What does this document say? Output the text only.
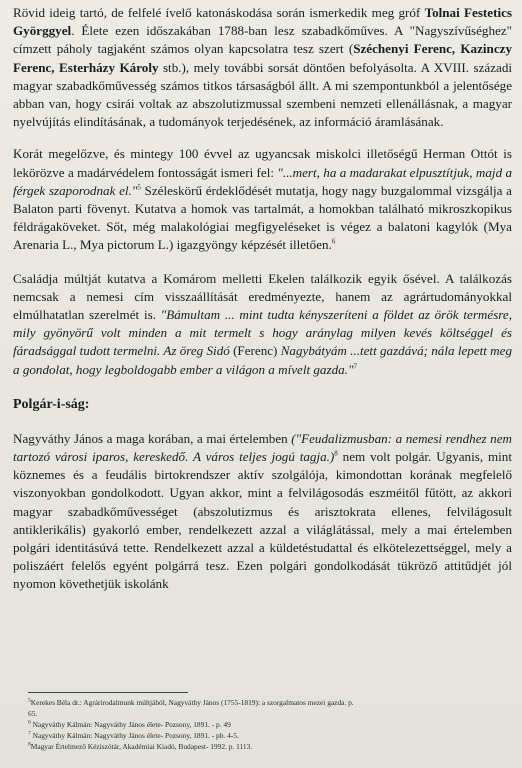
Rövid ideig tartó, de felfelé ívelő katonáskodása során ismerkedik meg gróf Tolnai Festetics Györggyel. Élete ezen időszakában 1788-ban lesz szabadkőműves. A "Nagyszívűséghez" címzett páholy tagjaként számos olyan kapcsolatra tesz szert (Széchenyi Ferenc, Kazinczy Ferenc, Esterházy Károly stb.), mely további sorsát döntően befolyásolta. A XVIII. századi magyar szabadkőművesség számos titkos társaságból állt. A mi szempontunkból a jelentősége abban van, hogy csirái voltak az abszolutizmussal szembeni nemzeti ellenállásnak, a magyar nyelvújítás elindításának, a tudományok terjedésének, az információ áramlásának.

Korát megelőzve, és mintegy 100 évvel az ugyancsak miskolci illetőségű Herman Ottót is lekörözve a madárvédelem fontosságát ismeri fel: "...mert, ha a madarakat elpusztítjuk, majd a férgek szaporodnak el."$^5$ Széleskörű érdeklődését mutatja, hogy nagy buzgalommal vizsgálja a Balaton parti fövenyt. Kutatva a homok vas tartalmát, a homokban található mikroszkopikus féldrágaköveket. Sőt, még malakológiai megfigyeléseket is végez a balatoni kagylók (Mya Arenaria L., Mya pictorum L.) igazgyöngy képzését illetően.$^6$

Családja múltját kutatva a Komárom melletti Ekelen találkozik egyik ősével. A találkozás nemcsak a nemesi cím visszaállítását eredményezte, hanem az agrártudományokkal elmúlhatatlan szerelmét is. "Bámultam ... mint tudta kényszeríteni a földet az örök termésre, mily gyönyörű volt minden a mit termelt s hogy aránylag milyen kevés költséggel és fáradsággal tudott termelni. Az öreg Sidó (Ferenc) Nagybátyám ...tett gazdává; nála lepett meg a gondolat, hogy legboldogabb ember a világon a mívelt gazda."$^7$

Polgár-i-ság:

Nagyváthy János a maga korában, a mai értelemben ("Feudalizmusban: a nemesi rendhez nem tartozó városi iparos, kereskedő. A város teljes jogú tagja.)$^8$ nem volt polgár. Ugyanis, mint köznemes és a feudális birtokrendszer aktív szolgálója, kimondottan korának megfelelő viszonyokban gondolkodott. Ugyan akkor, mint a felvilágosodás eszméitől fűtött, az akkori magyar szabadkőművességet (abszolutizmus és arisztokrata ellenes, felvilágosult antiklerikális) gyakorló ember, rendelkezett azzal a világlátással, mely a mai értelemben polgári identitásúvá tette. Rendelkezett azzal a küldetéstudattal és elkötelezettséggel, mely a poliszáért felelős egyént polgárrá tesz. Ezen polgári gondolkodását tükröző attitűdjét jól nyomon követhetjük iskolánk

$^5$Kerekes Béla dr.: Agrárirodalmunk múltjából, Nagyváthy János (1755-1819): a szorgalmatos mezei gazda. p.
65.
$^6$ Nagyváthy Kálmán: Nagyváthy János élete- Pozsony, 1891. - p. 49
$^7$ Nagyváthy Kálmán: Nagyváthy János élete- Pozsony, 1891. - pb. 4-5.
$^8$Magyar Értelmező Kéziszótár, Akadémiai Kiadó, Budapest- 1992. p. 1113.
